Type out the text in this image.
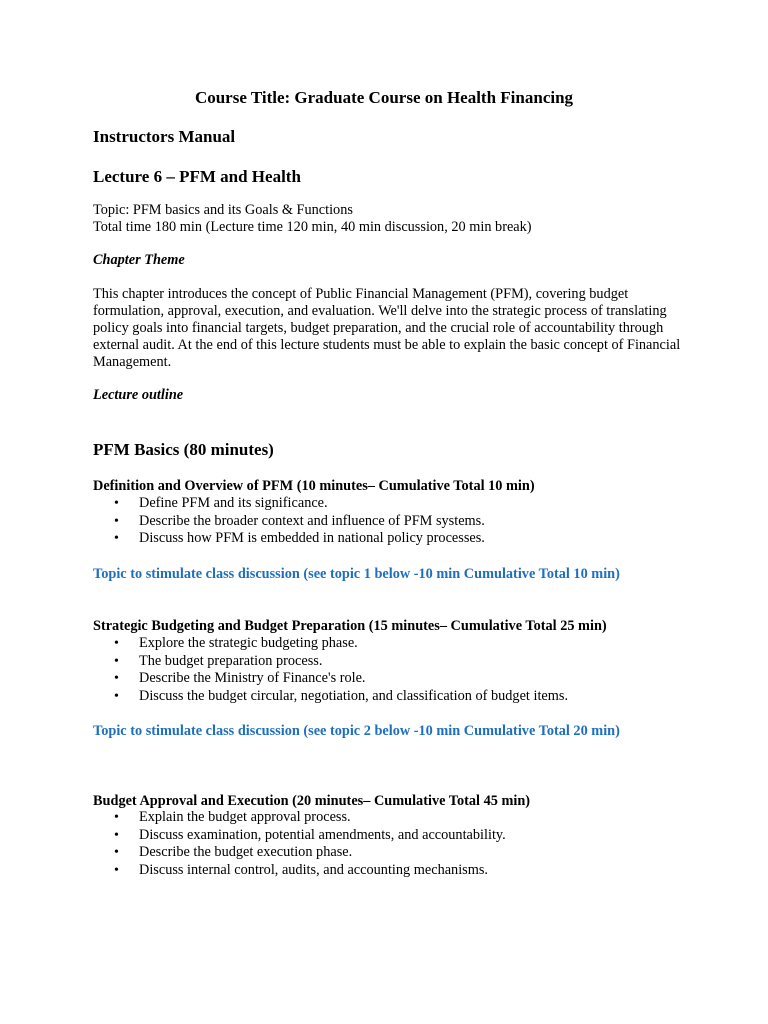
Course Title: Graduate Course on Health Financing
Instructors Manual
Lecture 6 – PFM and Health
Topic: PFM basics and its Goals & Functions
Total time 180 min (Lecture time 120 min, 40 min discussion, 20 min break)
Chapter Theme
This chapter introduces the concept of Public Financial Management (PFM), covering budget formulation, approval, execution, and evaluation. We'll delve into the strategic process of translating policy goals into financial targets, budget preparation, and the crucial role of accountability through external audit. At the end of this lecture students must be able to explain the basic concept of Financial Management.
Lecture outline
PFM Basics (80 minutes)
Definition and Overview of PFM (10 minutes– Cumulative Total 10 min)
• Define PFM and its significance.
• Describe the broader context and influence of PFM systems.
• Discuss how PFM is embedded in national policy processes.
Topic to stimulate class discussion (see topic 1 below -10 min Cumulative Total 10 min)
Strategic Budgeting and Budget Preparation (15 minutes– Cumulative Total 25 min)
• Explore the strategic budgeting phase.
• The budget preparation process.
• Describe the Ministry of Finance's role.
• Discuss the budget circular, negotiation, and classification of budget items.
Topic to stimulate class discussion (see topic 2 below -10 min Cumulative Total 20 min)
Budget Approval and Execution (20 minutes– Cumulative Total 45 min)
• Explain the budget approval process.
• Discuss examination, potential amendments, and accountability.
• Describe the budget execution phase.
• Discuss internal control, audits, and accounting mechanisms.
